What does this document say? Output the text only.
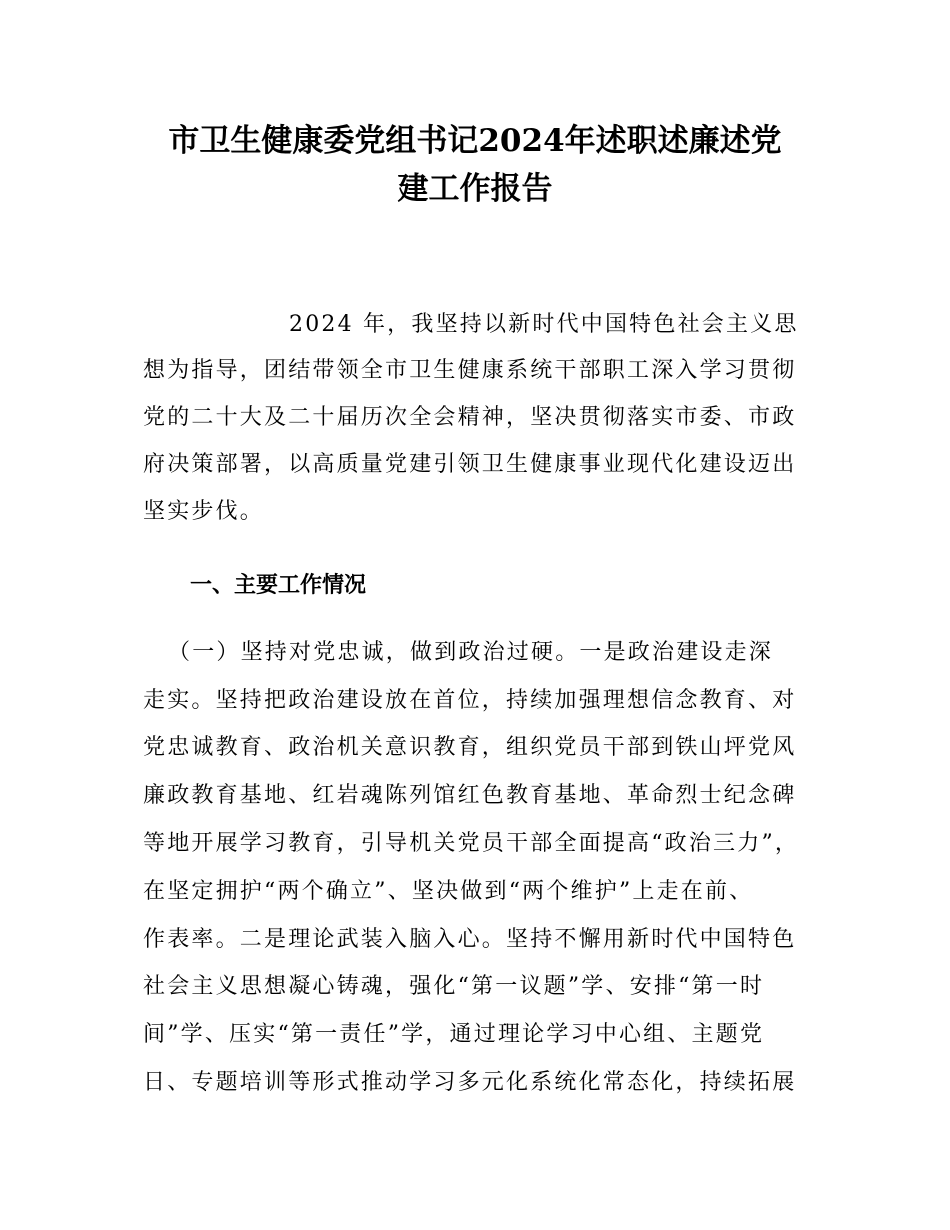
市卫生健康委党组书记2024年述职述廉述党
建工作报告
2024 年，我坚持以新时代中国特色社会主义思
想为指导，团结带领全市卫生健康系统干部职工深入学习贯彻
党的二十大及二十届历次全会精神，坚决贯彻落实市委、市政
府决策部署，以高质量党建引领卫生健康事业现代化建设迈出
坚实步伐。
一、主要工作情况
（一）坚持对党忠诚，做到政治过硬。一是政治建设走深
走实。坚持把政治建设放在首位，持续加强理想信念教育、对
党忠诚教育、政治机关意识教育，组织党员干部到铁山坪党风
廉政教育基地、红岩魂陈列馆红色教育基地、革命烈士纪念碑
等地开展学习教育，引导机关党员干部全面提高“政治三力”，
在坚定拥护“两个确立”、坚决做到“两个维护”上走在前、
作表率。二是理论武装入脑入心。坚持不懈用新时代中国特色
社会主义思想凝心铸魂，强化“第一议题”学、安排“第一时
间”学、压实“第一责任”学，通过理论学习中心组、主题党
日、专题培训等形式推动学习多元化系统化常态化，持续拓展
